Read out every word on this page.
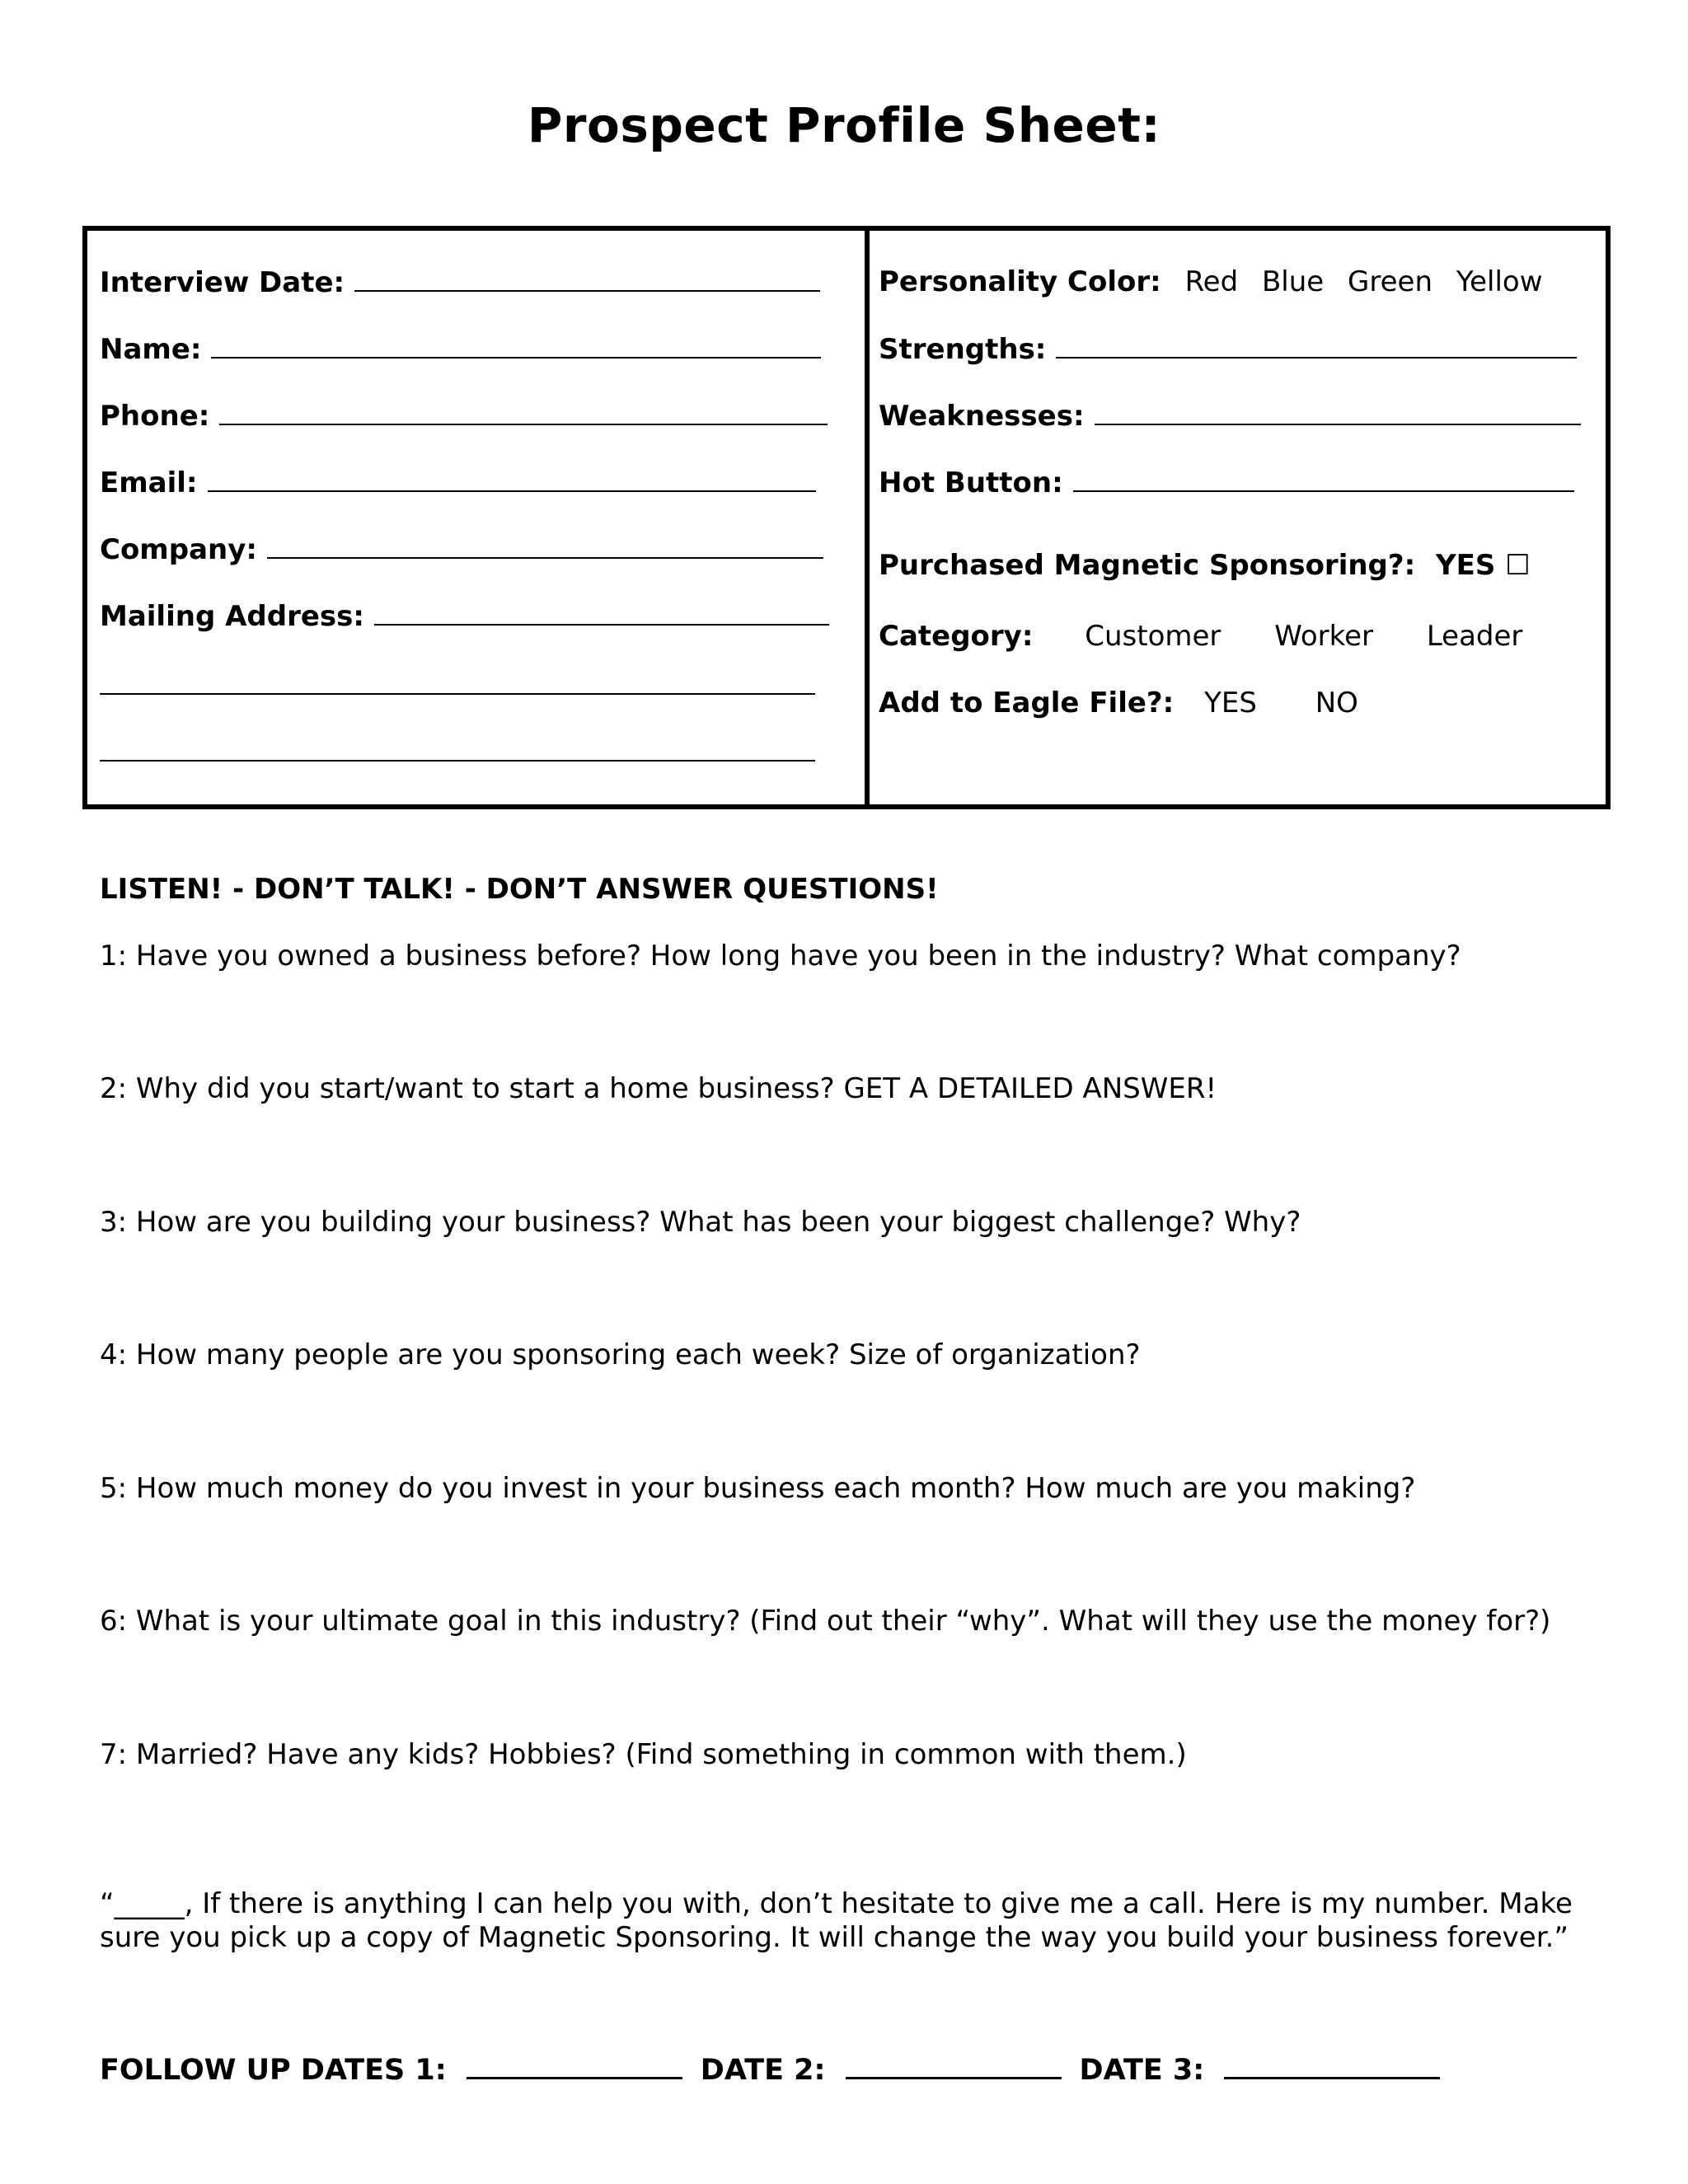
Prospect Profile Sheet:
Interview Date:
Name:
Phone:
Email:
Company:
Mailing Address:
Personality Color: Red Blue Green Yellow
Strengths:
Weaknesses:
Hot Button:
Purchased Magnetic Sponsoring?: YES ☐
Category: Customer Worker Leader
Add to Eagle File?: YES NO
LISTEN! - DON’T TALK! - DON’T ANSWER QUESTIONS!
1: Have you owned a business before? How long have you been in the industry? What company?
2: Why did you start/want to start a home business? GET A DETAILED ANSWER!
3: How are you building your business? What has been your biggest challenge? Why?
4: How many people are you sponsoring each week? Size of organization?
5: How much money do you invest in your business each month? How much are you making?
6: What is your ultimate goal in this industry? (Find out their “why”. What will they use the money for?)
7: Married? Have any kids? Hobbies? (Find something in common with them.)
“_____, If there is anything I can help you with, don’t hesitate to give me a call. Here is my number. Make sure you pick up a copy of Magnetic Sponsoring. It will change the way you build your business forever.”
FOLLOW UP DATES 1:	DATE 2:	DATE 3:
